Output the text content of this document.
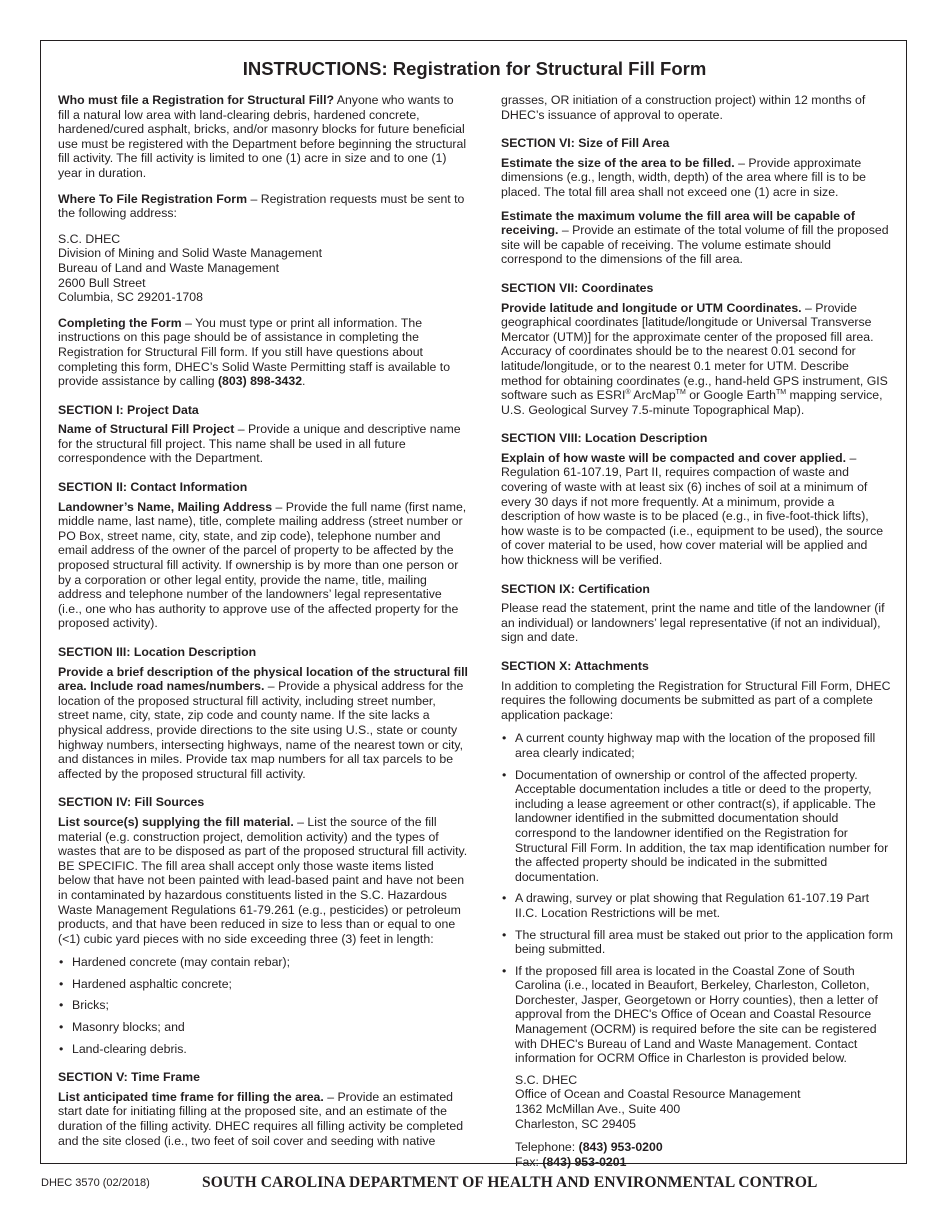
INSTRUCTIONS: Registration for Structural Fill Form

Who must file a Registration for Structural Fill? Anyone who wants to fill a natural low area with land-clearing debris, hardened concrete, hardened/cured asphalt, bricks, and/or masonry blocks for future beneficial use must be registered with the Department before beginning the structural fill activity. The fill activity is limited to one (1) acre in size and to one (1) year in duration.

Where To File Registration Form – Registration requests must be sent to the following address:

S.C. DHEC
Division of Mining and Solid Waste Management
Bureau of Land and Waste Management
2600 Bull Street
Columbia, SC 29201-1708

Completing the Form – You must type or print all information. The instructions on this page should be of assistance in completing the Registration for Structural Fill form. If you still have questions about completing this form, DHEC’s Solid Waste Permitting staff is available to provide assistance by calling (803) 898-3432.

SECTION I: Project Data

Name of Structural Fill Project – Provide a unique and descriptive name for the structural fill project. This name shall be used in all future correspondence with the Department.

SECTION II: Contact Information

Landowner’s Name, Mailing Address – Provide the full name (first name, middle name, last name), title, complete mailing address (street number or PO Box, street name, city, state, and zip code), telephone number and email address of the owner of the parcel of property to be affected by the proposed structural fill activity. If ownership is by more than one person or by a corporation or other legal entity, provide the name, title, mailing address and telephone number of the landowners’ legal representative (i.e., one who has authority to approve use of the affected property for the proposed activity).

SECTION III: Location Description

Provide a brief description of the physical location of the structural fill area. Include road names/numbers. – Provide a physical address for the location of the proposed structural fill activity, including street number, street name, city, state, zip code and county name. If the site lacks a physical address, provide directions to the site using U.S., state or county highway numbers, intersecting highways, name of the nearest town or city, and distances in miles. Provide tax map numbers for all tax parcels to be affected by the proposed structural fill activity.

SECTION IV: Fill Sources

List source(s) supplying the fill material. – List the source of the fill material (e.g. construction project, demolition activity) and the types of wastes that are to be disposed as part of the proposed structural fill activity. BE SPECIFIC. The fill area shall accept only those waste items listed below that have not been painted with lead-based paint and have not been in contaminated by hazardous constituents listed in the S.C. Hazardous Waste Management Regulations 61-79.261 (e.g., pesticides) or petroleum products, and that have been reduced in size to less than or equal to one (<1) cubic yard pieces with no side exceeding three (3) feet in length:

• Hardened concrete (may contain rebar);
• Hardened asphaltic concrete;
• Bricks;
• Masonry blocks; and
• Land-clearing debris.
SECTION V: Time Frame

List anticipated time frame for filling the area. – Provide an estimated start date for initiating filling at the proposed site, and an estimate of the duration of the filling activity. DHEC requires all filling activity be completed and the site closed (i.e., two feet of soil cover and seeding with native

grasses, OR initiation of a construction project) within 12 months of DHEC’s issuance of approval to operate.

SECTION VI: Size of Fill Area

Estimate the size of the area to be filled. – Provide approximate dimensions (e.g., length, width, depth) of the area where fill is to be placed. The total fill area shall not exceed one (1) acre in size.

Estimate the maximum volume the fill area will be capable of receiving. – Provide an estimate of the total volume of fill the proposed site will be capable of receiving. The volume estimate should correspond to the dimensions of the fill area.

SECTION VII: Coordinates

Provide latitude and longitude or UTM Coordinates. – Provide geographical coordinates [latitude/longitude or Universal Transverse Mercator (UTM)] for the approximate center of the proposed fill area. Accuracy of coordinates should be to the nearest 0.01 second for latitude/longitude, or to the nearest 0.1 meter for UTM. Describe method for obtaining coordinates (e.g., hand-held GPS instrument, GIS software such as ESRI® ArcMap™ or Google Earth™ mapping service, U.S. Geological Survey 7.5-minute Topographical Map).

SECTION VIII: Location Description

Explain of how waste will be compacted and cover applied. – Regulation 61-107.19, Part II, requires compaction of waste and covering of waste with at least six (6) inches of soil at a minimum of every 30 days if not more frequently. At a minimum, provide a description of how waste is to be placed (e.g., in five-foot-thick lifts), how waste is to be compacted (i.e., equipment to be used), the source of cover material to be used, how cover material will be applied and how thickness will be verified.

SECTION IX: Certification

Please read the statement, print the name and title of the landowner (if an individual) or landowners’ legal representative (if not an individual), sign and date.

SECTION X: Attachments

In addition to completing the Registration for Structural Fill Form, DHEC requires the following documents be submitted as part of a complete application package:

• A current county highway map with the location of the proposed fill area clearly indicated;
• Documentation of ownership or control of the affected property. Acceptable documentation includes a title or deed to the property, including a lease agreement or other contract(s), if applicable. The landowner identified in the submitted documentation should correspond to the landowner identified on the Registration for Structural Fill Form. In addition, the tax map identification number for the affected property should be indicated in the submitted documentation.
• A drawing, survey or plat showing that Regulation 61-107.19 Part II.C. Location Restrictions will be met.
• The structural fill area must be staked out prior to the application form being submitted.
• If the proposed fill area is located in the Coastal Zone of South Carolina (i.e., located in Beaufort, Berkeley, Charleston, Colleton, Dorchester, Jasper, Georgetown or Horry counties), then a letter of approval from the DHEC's Office of Ocean and Coastal Resource Management (OCRM) is required before the site can be registered with DHEC's Bureau of Land and Waste Management. Contact information for OCRM Office in Charleston is provided below.
S.C. DHEC
Office of Ocean and Coastal Resource Management
1362 McMillan Ave., Suite 400
Charleston, SC 29405
Telephone: (843) 953-0200
Fax: (843) 953-0201
DHEC 3570 (02/2018)	SOUTH CAROLINA DEPARTMENT OF HEALTH AND ENVIRONMENTAL CONTROL
